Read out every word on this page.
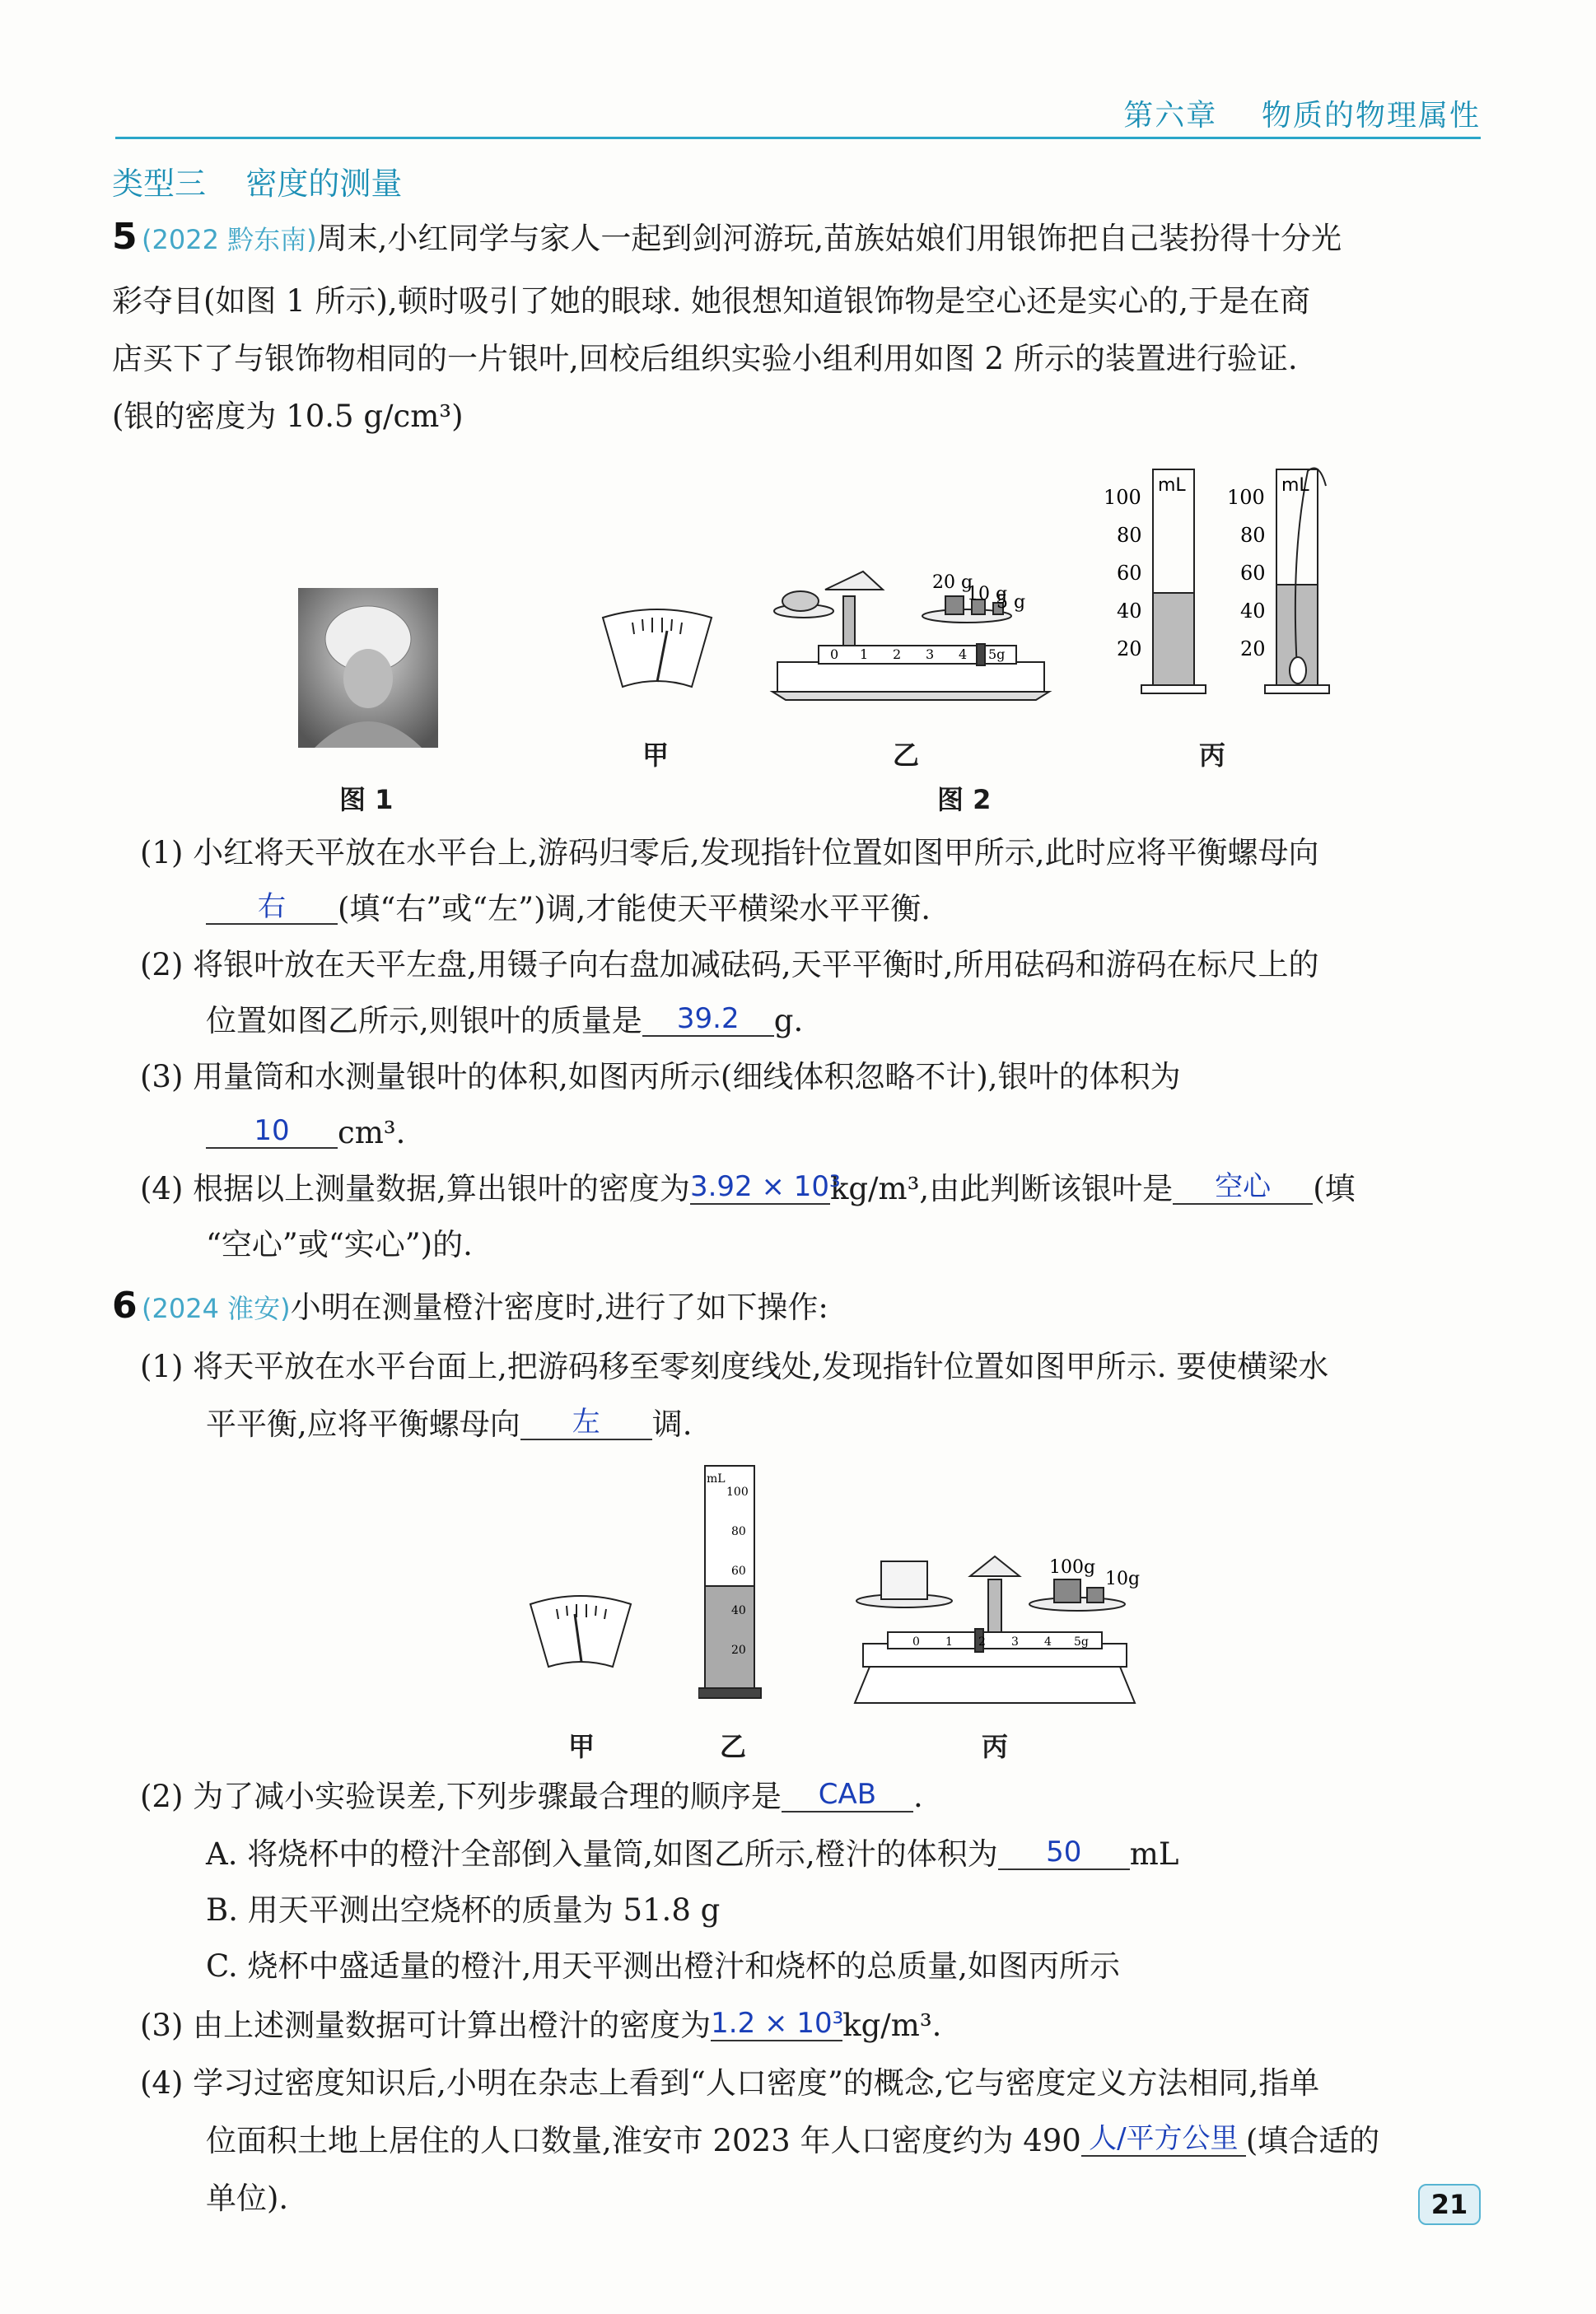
第六章    物质的物理属性
类型三    密度的测量
5 (2022 黔东南)周末,小红同学与家人一起到剑河游玩,苗族姑娘们用银饰把自己装扮得十分光
彩夺目(如图 1 所示),顿时吸引了她的眼球. 她很想知道银饰物是空心还是实心的,于是在商
店买下了与银饰物相同的一片银叶,回校后组织实验小组利用如图 2 所示的装置进行验证.
(银的密度为 10.5 g/cm³)
图 1
20 g
10 g
5 g
0 1 2 3 4 5g
100
80
60
40
20
100
80
60
40
20
mL	mL
甲	乙	丙
图 2
(1) 小红将天平放在水平台上,游码归零后,发现指针位置如图甲所示,此时应将平衡螺母向
右 (填“右”或“左”)调,才能使天平横梁水平平衡.
(2) 将银叶放在天平左盘,用镊子向右盘加减砝码,天平平衡时,所用砝码和游码在标尺上的
位置如图乙所示,则银叶的质量是 39.2 g.
(3) 用量筒和水测量银叶的体积,如图丙所示(细线体积忽略不计),银叶的体积为
10 cm³.
(4) 根据以上测量数据,算出银叶的密度为3.92 × 10³kg/m³,由此判断该银叶是 空心 (填
“空心”或“实心”)的.
6 (2024 淮安)小明在测量橙汁密度时,进行了如下操作:
(1) 将天平放在水平台面上,把游码移至零刻度线处,发现指针位置如图甲所示. 要使横梁水
平平衡,应将平衡螺母向 左 调.
mL
100
80
60
40
20
100g
10g
0 1 2 3 4 5g
甲	乙	丙
(2) 为了减小实验误差,下列步骤最合理的顺序是 CAB .
A. 将烧杯中的橙汁全部倒入量筒,如图乙所示,橙汁的体积为 50 mL
B. 用天平测出空烧杯的质量为 51.8 g
C. 烧杯中盛适量的橙汁,用天平测出橙汁和烧杯的总质量,如图丙所示
(3) 由上述测量数据可计算出橙汁的密度为1.2 × 10³kg/m³.
(4) 学习过密度知识后,小明在杂志上看到“人口密度”的概念,它与密度定义方法相同,指单
位面积土地上居住的人口数量,淮安市 2023 年人口密度约为 490 人/平方公里 (填合适的
单位).	21
